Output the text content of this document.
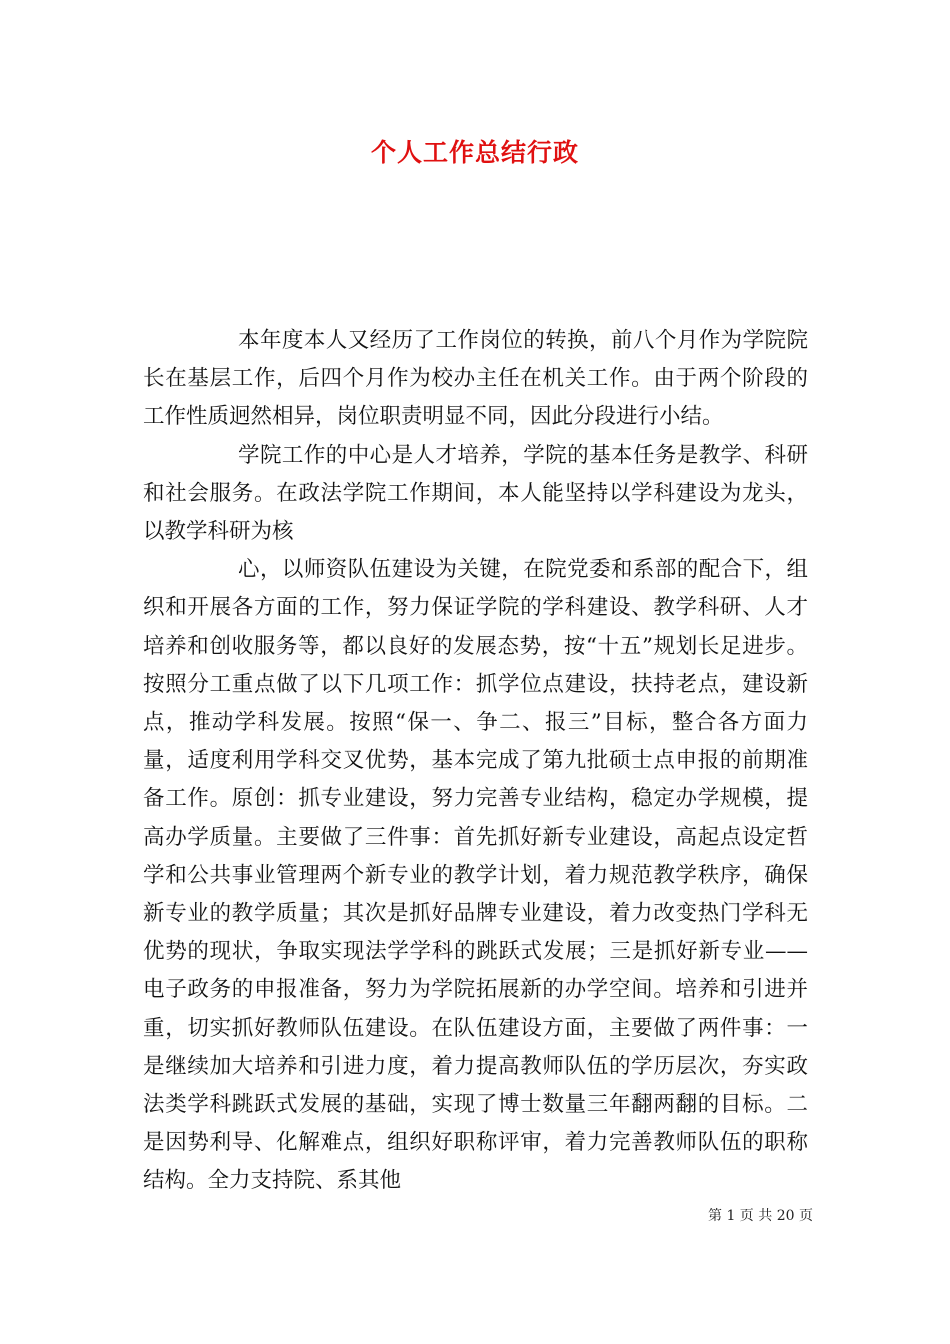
个人工作总结行政

本年度本人又经历了工作岗位的转换，前八个月作为学院院长在基层工作，后四个月作为校办主任在机关工作。由于两个阶段的工作性质迥然相异，岗位职责明显不同，因此分段进行小结。

学院工作的中心是人才培养，学院的基本任务是教学、科研和社会服务。在政法学院工作期间，本人能坚持以学科建设为龙头，以教学科研为核

心，以师资队伍建设为关键，在院党委和系部的配合下，组织和开展各方面的工作，努力保证学院的学科建设、教学科研、人才培养和创收服务等，都以良好的发展态势，按“十五”规划长足进步。按照分工重点做了以下几项工作：抓学位点建设，扶持老点，建设新点，推动学科发展。按照“保一、争二、报三”目标，整合各方面力量，适度利用学科交叉优势，基本完成了第九批硕士点申报的前期准备工作。原创：抓专业建设，努力完善专业结构，稳定办学规模，提高办学质量。主要做了三件事：首先抓好新专业建设，高起点设定哲学和公共事业管理两个新专业的教学计划，着力规范教学秩序，确保新专业的教学质量；其次是抓好品牌专业建设，着力改变热门学科无优势的现状，争取实现法学学科的跳跃式发展；三是抓好新专业——电子政务的申报准备，努力为学院拓展新的办学空间。培养和引进并重，切实抓好教师队伍建设。在队伍建设方面，主要做了两件事：一是继续加大培养和引进力度，着力提高教师队伍的学历层次，夯实政法类学科跳跃式发展的基础，实现了博士数量三年翻两翻的目标。二是因势利导、化解难点，组织好职称评审，着力完善教师队伍的职称结构。全力支持院、系其他

第 1 页 共 20 页
